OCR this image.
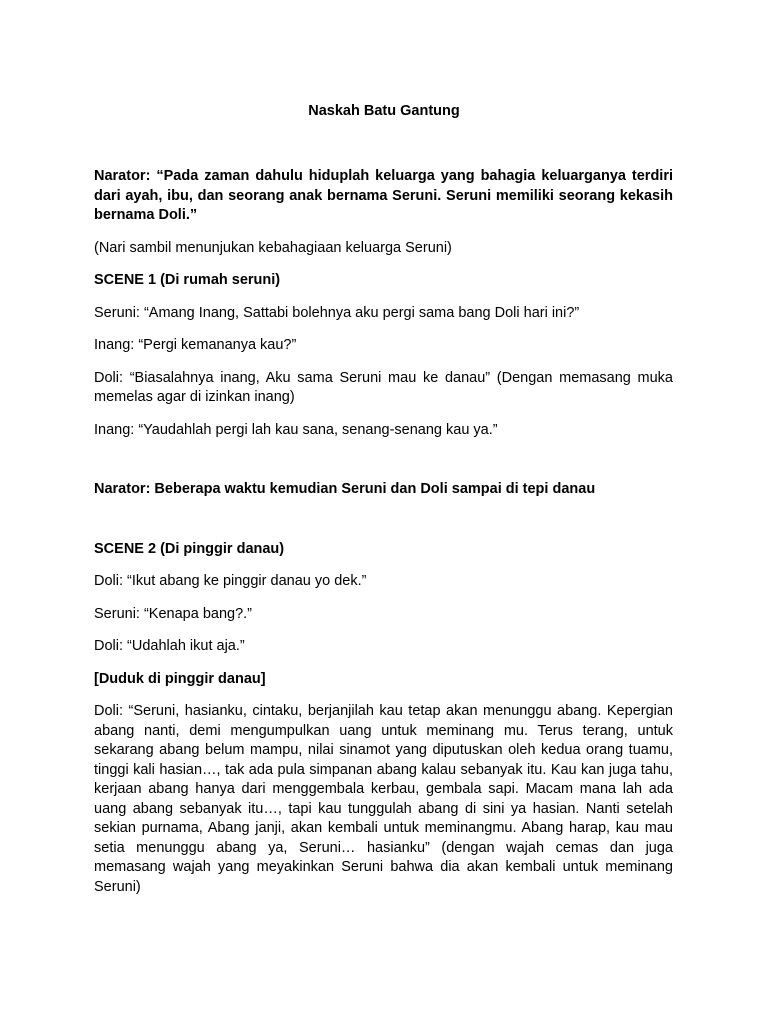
Naskah Batu Gantung

Narator: “Pada zaman dahulu hiduplah keluarga yang bahagia keluarganya terdiri dari ayah, ibu, dan seorang anak bernama Seruni. Seruni memiliki seorang kekasih bernama Doli.”

(Nari sambil menunjukan kebahagiaan keluarga Seruni)

SCENE 1 (Di rumah seruni)

Seruni: “Amang Inang, Sattabi bolehnya aku pergi sama bang Doli hari ini?”

Inang: “Pergi kemananya kau?”

Doli: “Biasalahnya inang, Aku sama Seruni mau ke danau” (Dengan memasang muka memelas agar di izinkan inang)

Inang: “Yaudahlah pergi lah kau sana, senang-senang kau ya.”

Narator: Beberapa waktu kemudian Seruni dan Doli sampai di tepi danau

SCENE 2 (Di pinggir danau)

Doli: “Ikut abang ke pinggir danau yo dek.”

Seruni: “Kenapa bang?.”

Doli: “Udahlah ikut aja.”

[Duduk di pinggir danau]

Doli: “Seruni, hasianku, cintaku, berjanjilah kau tetap akan menunggu abang. Kepergian abang nanti, demi mengumpulkan uang untuk meminang mu. Terus terang, untuk sekarang abang belum mampu, nilai sinamot yang diputuskan oleh kedua orang tuamu, tinggi kali hasian…, tak ada pula simpanan abang kalau sebanyak itu. Kau kan juga tahu, kerjaan abang hanya dari menggembala kerbau, gembala sapi. Macam mana lah ada uang abang sebanyak itu…, tapi kau tunggulah abang di sini ya hasian. Nanti setelah sekian purnama, Abang janji, akan kembali untuk meminangmu. Abang harap, kau mau setia menunggu abang ya, Seruni… hasianku” (dengan wajah cemas dan juga memasang wajah yang meyakinkan Seruni bahwa dia akan kembali untuk meminang Seruni)
